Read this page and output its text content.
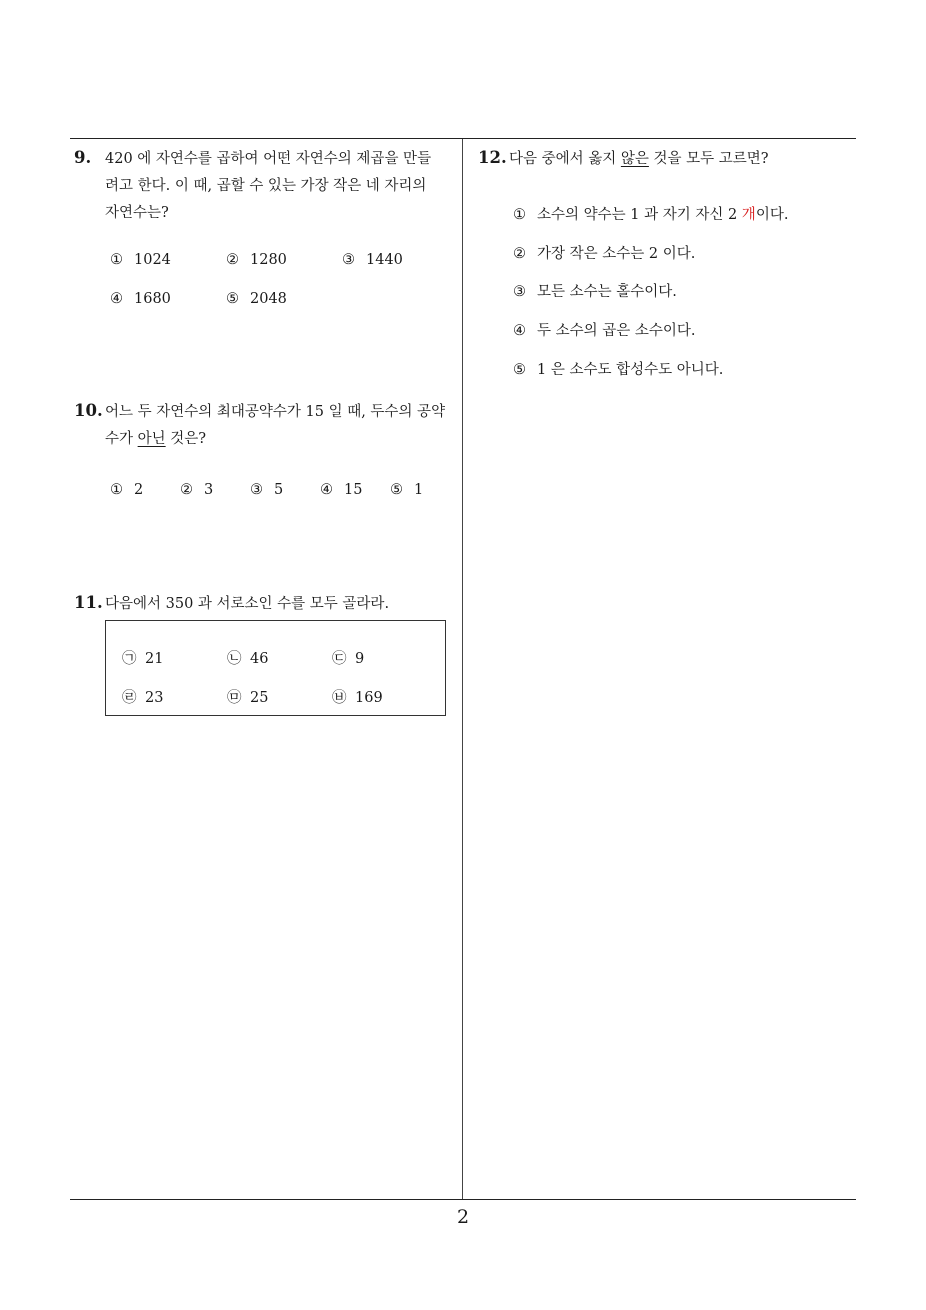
9. 420 에 자연수를 곱하여 어떤 자연수의 제곱을 만들
려고 한다. 이 때, 곱할 수 있는 가장 작은 네 자리의
자연수는?
① 1024	② 1280	③ 1440
④ 1680	⑤ 2048
10. 어느 두 자연수의 최대공약수가 15 일 때, 두수의 공약
수가 아닌 것은?
① 2	② 3	③ 5	④ 15 ⑤ 1
11. 다음에서 350 과 서로소인 수를 모두 골라라.
㉠ 21	㉡ 46	㉢ 9
㉣ 23	㉤ 25	㉥ 169
12. 다음 중에서 옳지 않은 것을 모두 고르면?
① 소수의 약수는 1 과 자기 자신 2 개이다.
② 가장 작은 소수는 2 이다.
③ 모든 소수는 홀수이다.
④ 두 소수의 곱은 소수이다.
⑤ 1 은 소수도 합성수도 아니다.
2
